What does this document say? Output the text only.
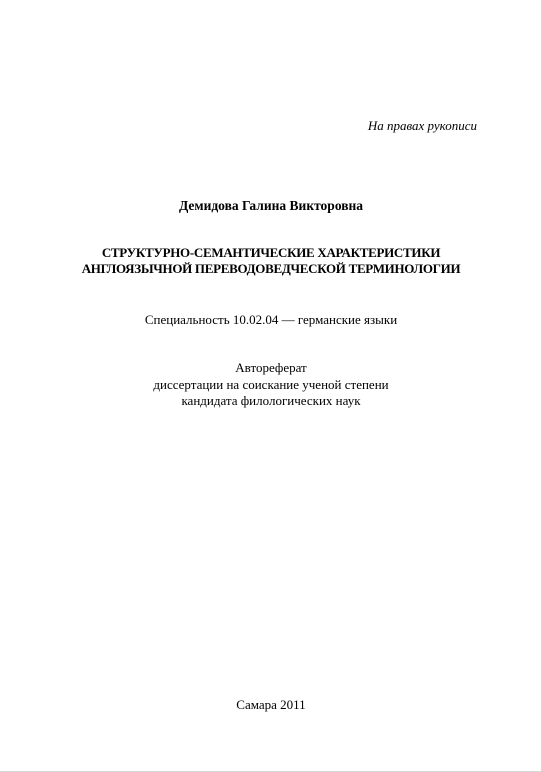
На правах рукописи
Демидова Галина Викторовна
СТРУКТУРНО-СЕМАНТИЧЕСКИЕ ХАРАКТЕРИСТИКИ
АНГЛОЯЗЫЧНОЙ ПЕРЕВОДОВЕДЧЕСКОЙ ТЕРМИНОЛОГИИ
Специальность 10.02.04 — германские языки
Автореферат
диссертации на соискание ученой степени
кандидата филологических наук
Самара 2011
